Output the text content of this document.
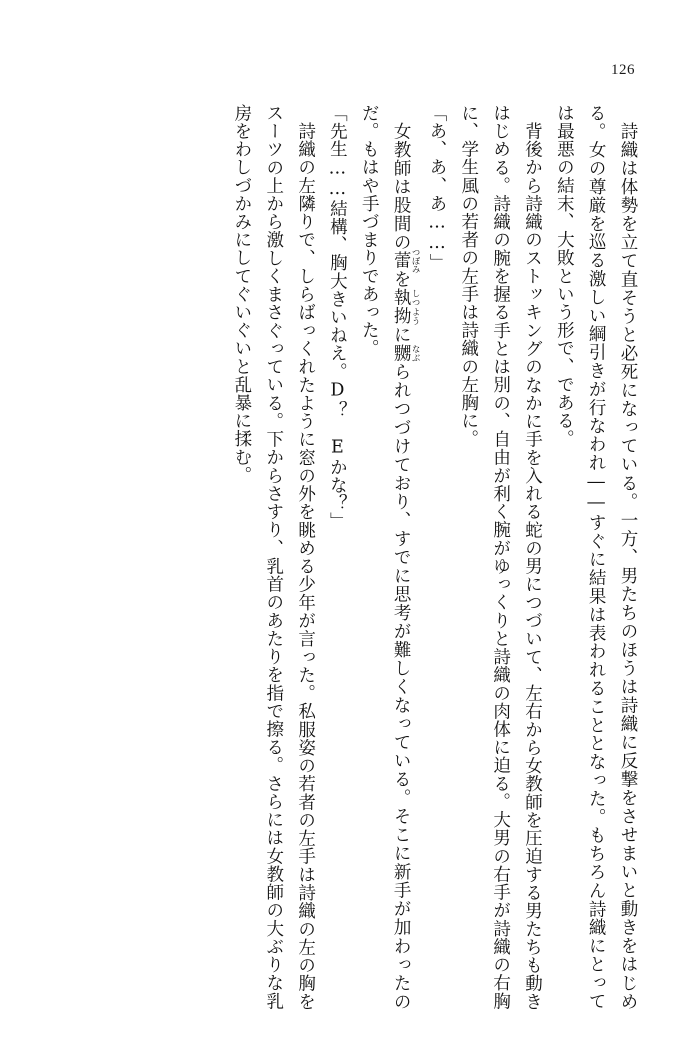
126

詩織は体勢を立て直そうと必死になっている。一方、男たちのほうは詩織に反撃をさせまいと動きをはじめる。女の尊厳を巡る激しい綱引きが行なわれ――すぐに結果は表われることとなった。もちろん詩織にとっては最悪の結末、大敗という形で、である。

背後から詩織のストッキングのなかに手を入れる蛇の男につづいて、左右から女教師を圧迫する男たちも動きはじめる。詩織の腕を握る手とは別の、自由が利く腕がゆっくりと詩織の肉体に迫る。大男の右手が詩織の右胸に、学生風の若者の左手は詩織の左胸に。

「あ、あ、あ……」

女教師は股間の蕾 つぼみを執拗 しつように嬲 なぶられつづけており、すでに思考が難しくなっている。そこに新手が加わったのだ。もはや手づまりであった。

「先生……結構、胸大きいねえ。D？　Eかな？」

詩織の左隣りで、しらばっくれたように窓の外を眺める少年が言った。私服姿の若者の左手は詩織の左の胸をスーツの上から激しくまさぐっている。下からさすり、乳首のあたりを指で擦る。さらには女教師の大ぶりな乳房をわしづかみにしてぐいぐいと乱暴に揉む。
